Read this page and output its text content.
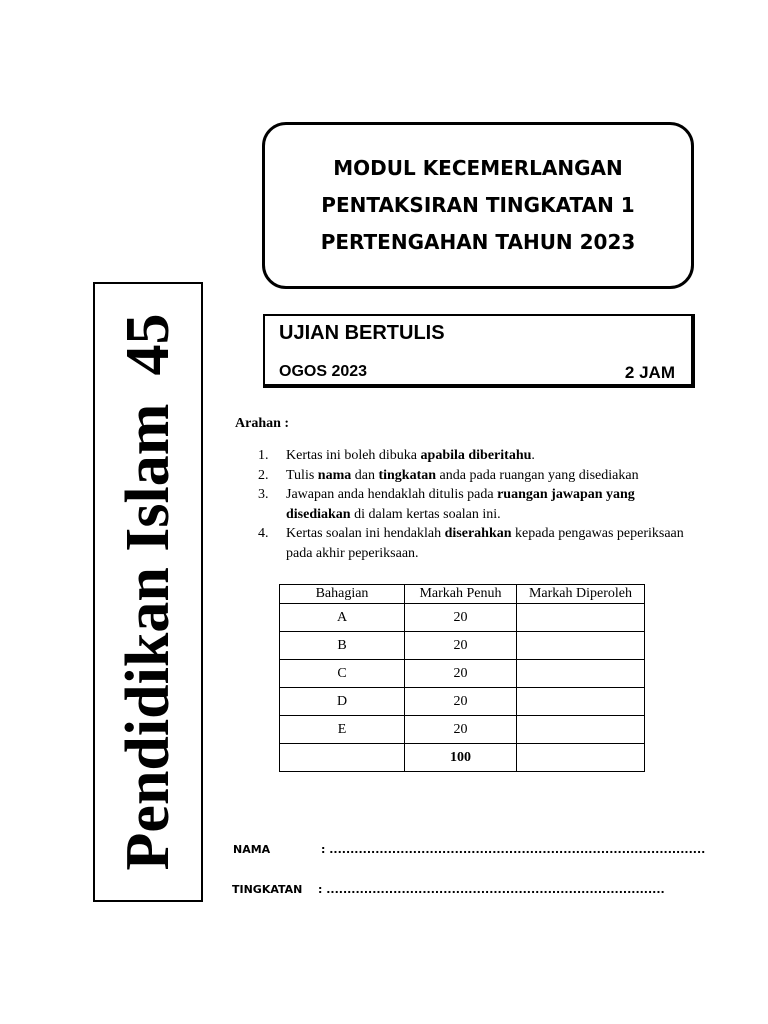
Pendidikan Islam45
MODUL KECEMERLANGAN
PENTAKSIRAN TINGKATAN 1
PERTENGAHAN TAHUN 2023
UJIAN BERTULIS
OGOS 2023	2 JAM
Arahan :
1. Kertas ini boleh dibuka apabila diberitahu.
2. Tulis nama dan tingkatan anda pada ruangan yang disediakan
3. Jawapan anda hendaklah ditulis pada ruangan jawapan yang disediakan di dalam kertas soalan ini.
4. Kertas soalan ini hendaklah diserahkan kepada pengawas peperiksaan pada akhir peperiksaan.
Bahagian	Markah Penuh	Markah Diperoleh
A	20	
B	20	
C	20	
D	20	
E	20	
	100	
NAMA	: ..........................................................................................
TINGKATAN : .................................................................................
